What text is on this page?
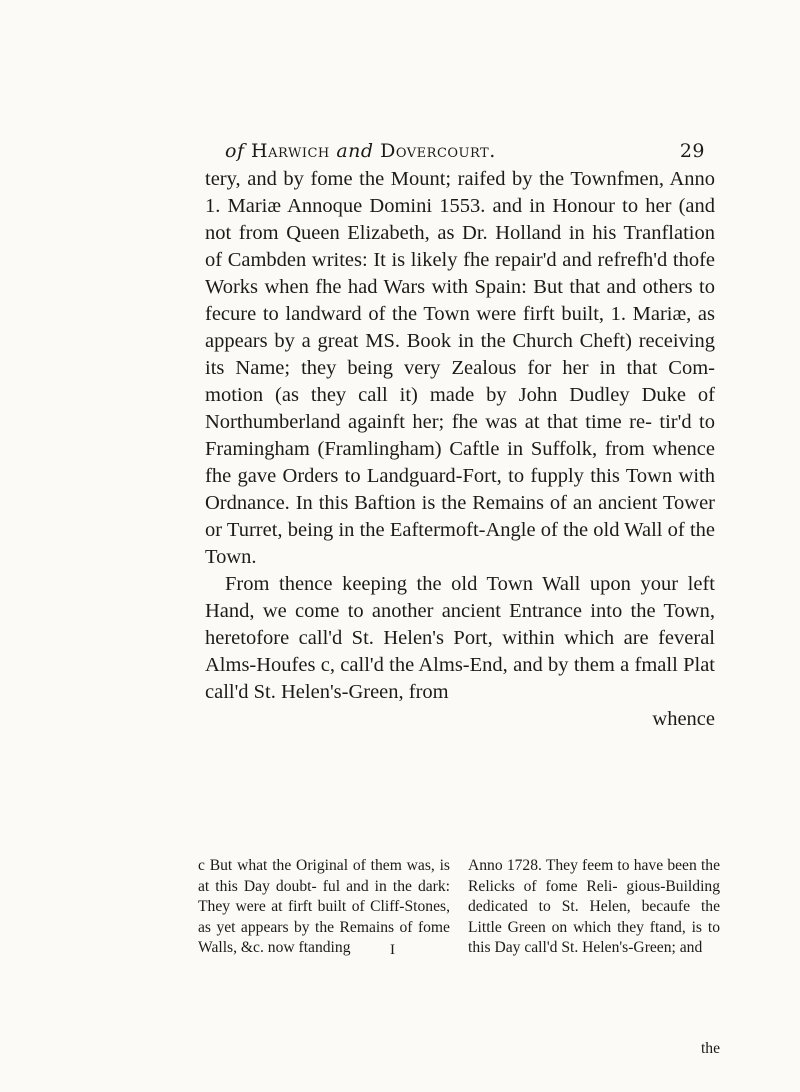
of Harwich and Dovercourt.	29

tery, and by fome the Mount; raifed by the Townfmen, Anno 1. Mariæ Annoque Domini 1553. and in Honour to her (and not from Queen Elizabeth, as Dr. Holland in his Tranflation of Cambden writes: It is likely fhe repair'd and refrefh'd thofe Works when fhe had Wars with Spain: But that and others to fecure to landward of the Town were firft built, 1. Mariæ, as appears by a great MS. Book in the Church Cheft) receiving its Name; they being very Zealous for her in that Com- motion (as they call it) made by John Dudley Duke of Northumberland againft her; fhe was at that time re- tir'd to Framingham (Framlingham) Caftle in Suffolk, from whence fhe gave Orders to Landguard-Fort, to fupply this Town with Ordnance. In this Baftion is the Remains of an ancient Tower or Turret, being in the Eaftermoft-Angle of the old Wall of the Town.

From thence keeping the old Town Wall upon your left Hand, we come to another ancient Entrance into the Town, heretofore call'd St. Helen's Port, within which are feveral Alms-Houfes c, call'd the Alms-End, and by them a fmall Plat call'd St. Helen's-Green, from

whence
c But what the Original of them was, is at this Day doubt- ful and in the dark: They were at firft built of Cliff-Stones, as yet appears by the Remains of fome Walls, &c. now ftanding
Anno 1728. They feem to have been the Relicks of fome Reli- gious-Building dedicated to St. Helen, becaufe the Little Green on which they ftand, is to this Day call'd St. Helen's-Green; and
I
the
